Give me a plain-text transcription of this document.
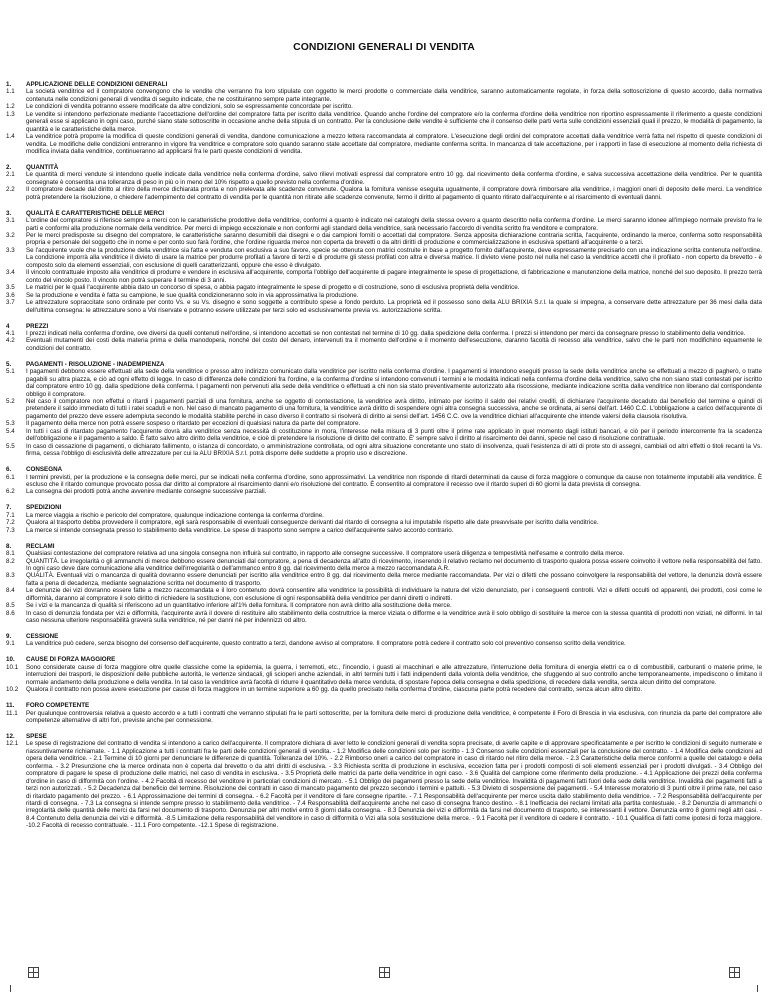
CONDIZIONI GENERALI DI VENDITA
1.	APPLICAZIONE DELLE CONDIZIONI GENERALI
1.1	La società venditrice ed il compratore convengono che le vendite che verranno fra loro stipulate con oggetto le merci prodotte o commerciate dalla venditrice, saranno automaticamente regolate, in forza della sottoscrizione di questo accordo, dalla normativa contenuta nelle condizioni generali di vendita di seguito indicate, che ne costituiranno sempre parte integrante.
1.2	Le condizioni di vendita potranno essere modificate da altre condizioni, solo se espressamente concordate per iscritto.
1.3	Le vendite si intendono perfezionate mediante l'accettazione dell'ordine del compratore fatta per iscritto dalla venditrice. Quando anche l'ordine del compratore e/o la conferma d'ordine della venditrice non riportino espressamente il riferimento a queste condizioni generali esse si applicano in ogni caso, purché siano state sottoscritte in occasione anche della stipula di un contratto. Per la conclusione delle vendite è sufficiente che il consenso delle parti verta sulle condizioni essenziali quali il prezzo, le modalità di pagamento, la quantità e le caratteristiche della merce.
1.4	La venditrice potrà proporre la modifica di queste condizioni generali di vendita, dandone comunicazione a mezzo lettera raccomandata al compratore. L'esecuzione degli ordini del compratore accettati dalla venditrice verrà fatta nel rispetto di queste condizioni di vendita. Le modifiche delle condizioni entreranno in vigore fra venditrice e compratore solo quando saranno state accettate dal compratore, mediante conferma scritta. In mancanza di tale accettazione, per i rapporti in fase di esecuzione al momento della richiesta di modifica inviata dalla venditrice, continueranno ad applicarsi fra le parti queste condizioni di vendita.
2.	QUANTITÀ
2.1	Le quantità di merci vendute si intendono quelle indicate dalla venditrice nella conferma d'ordine, salvo rilievi motivati espressi dal compratore entro 10 gg. dal ricevimento della conferma d'ordine, e salva successiva accettazione della venditrice. Per le quantità consegnate è consentita una tolleranza di peso in più o in meno del 10% rispetto a quello previsto nella conferma d'ordine.
2.2	Il compratore decade dal diritto al ritiro della merce dichiarata pronta e non prelevata alle scadenze convenute. Qualora la fornitura venisse eseguita ugualmente, il compratore dovrà rimborsare alla venditrice, i maggiori oneri di deposito delle merci. La venditrice potrà pretendere la risoluzione, o chiedere l'adempimento del contratto di vendita per le quantità non ritirate alle scadenze convenute, fermo il diritto al pagamento di quanto ritirato dall'acquirente e al risarcimento di eventuali danni.
3.	QUALITÀ E CARATTERISTICHE DELLE MERCI
3.1	L'ordine del compratore si riferisce sempre a merci con le caratteristiche prodottive della venditrice, conformi a quanto è indicato nei cataloghi della stessa ovvero a quanto descritto nella conferma d'ordine. Le merci saranno idonee all'impiego normale previsto fra le parti e conformi alla produzione normale della venditrice. Per merci di impiego eccezionale e non conformi agli standard della venditrice, sarà necessario l'accordo di vendita scritto fra venditore e compratore.
3.2	Per le merci predisposte su disegno del compratore, le caratteristiche saranno desumibili dai disegni e o dai campioni forniti o accettati dal compratore. Senza apposita dichiarazione contraria scritta, l'acquirente, ordinando la merce, conferma sotto responsabilità propria e personale del soggetto che in nome e per conto suo farà l'ordine, che l'ordine riguarda merce non coperta da brevetti o da altri diritti di produzione e commercializzazione in esclusiva spettanti all'acquirente o a terzi.
3.3	Se l'acquirente vuole che la produzione della venditrice sia fatta e venduta con esclusiva a suo favore, specie se ottenuta con matrici costruite in base a progetto fornito dall'acquirente, deve espressamente precisarlo con una indicazione scritta contenuta nell'ordine. La condizione imporrà alla venditrice il divieto di usare la matrice per produrre profilati a favore di terzi e di produrre gli stessi profilati con altra e diversa matrice. Il divieto viene posto nel nulla nel caso la venditrice accetti che il profilato - non coperto da brevetto - è composto solo da elementi essenziali, con esclusione di quelli caratterizzanti, oppure che esso è divulgato.
3.4	Il vincolo contrattuale imposto alla venditrice di produrre e vendere in esclusiva all'acquirente, comporta l'obbligo dell'acquirente di pagare integralmente le spese di progettazione, di fabbricazione e manutenzione della matrice, nonché del suo deposito. Il prezzo terrà conto del vincolo posto. Il vincolo non potrà superare il termine di 3 anni.
3.5	Le matrici per le quali l'acquirente abbia dato un concorso di spesa, o abbia pagato integralmente le spese di progetto e di costruzione, sono di esclusiva proprietà della venditrice.
3.6	Se la produzione e vendita è fatta su campione, le sue qualità condizioneranno solo in via approssimativa la produzione.
3.7	Le attrezzature sopraccitate sono ordinate per conto Vs. e su Vs. disegno e sono soggette a contributo spese a fondo perduto. La proprietà ed il possesso sono della ALU BRIXIA S.r.l. la quale si impegna, a conservare dette attrezzature per 36 mesi dalla data dell'ultima consegna: le attrezzature sono a Voi riservate e potranno essere utilizzate per terzi solo ed esclusivamente previa vs. autorizzazione scritta.
4	PREZZI
4.1	I prezzi indicati nella conferma d'ordine, ove diversi da quelli contenuti nell'ordine, si intendono accettati se non contestati nel termine di 10 gg. dalla spedizione della conferma. I prezzi si intendono per merci da consegnare presso lo stabilimento della venditrice.
4.2	Eventuali mutamenti dei costi della materia prima e della manodopera, nonché del costo del denaro, intervenuti tra il momento dell'ordine e il momento dell'esecuzione, daranno facoltà di recesso alla venditrice, salvo che le parti non modifichino equamente le condizioni del contratto.
5.	PAGAMENTI - RISOLUZIONE - INADEMPIENZA
5.1	I pagamenti debbono essere effettuati alla sede della venditrice o presso altro indirizzo comunicato dalla venditrice per iscritto nella conferma d'ordine. I pagamenti si intendono eseguiti presso la sede della venditrice anche se effettuati a mezzo di pagherò, o tratte pagabili su altra piazza, e ciò ad ogni effetto di legge. In caso di differenza delle condizioni fra l'ordine, e la conferma d'ordine si intendono convenuti i termini e le modalità indicati nella conferma d'ordine della venditrice, salvo che non siano stati contestati per iscritto dal compratore entro 10 gg. dalla spedizione della conferma. I pagamenti non pervenuti alla sede della venditrice o effettuati a chi non sia stato preventivamente autorizzato alla riscossione, mediante indicazione scritta dalla venditrice non liberano dal corrispondente obbligo il compratore.
5.2	Nel caso il compratore non effettui o ritardi i pagamenti parziali di una fornitura, anche se oggetto di contestazione, la venditrice avrà diritto, intimato per iscritto il saldo dei relativi crediti, di dichiarare l'acquirente decaduto dal beneficio del termine e quindi di pretendere il saldo immediato di tutti i ratei scaduti e non. Nel caso di mancato pagamento di una fornitura, la venditrice avrà diritto di sospendere ogni altra consegna successiva, anche se ordinata, ai sensi dell'art. 1460 C.C. L'obbligazione a carico dell'acquirente di pagamento del prezzo deve essere adempiuta secondo le modalità stabilite perché in caso diverso il contratto si risolverà di diritto ai sensi dell'art. 1456 C.C. ove la venditrice dichiari all'acquirente che intende valersi della clausola risolutiva.
5.3	Il pagamento della merce non potrà essere sospeso o ritardato per eccezioni di qualsiasi natura da parte del compratore.
5.4	In tutti i casi di ritardato pagamento l'acquirente dovrà alla venditrice senza necessità di costituzione in mora, l'interesse nella misura di 3 punti oltre il prime rate applicato in quel momento dagli istituti bancari, e ciò per il periodo intercorrente fra la scadenza dell'obbligazione e il pagamento a saldo. È fatto salvo altro diritto della venditrice, e cioè di pretendere la risoluzione di diritto del contratto. È' sempre salvo il diritto al risarcimento dei danni, specie nel caso di risoluzione contrattuale.
5.5	In caso di cessazione di pagamenti, o dichiarato fallimento, o istanza di concordato, o amministrazione controllata, od ogni altra situazione concretante uno stato di insolvenza, quali l'esistenza di atti di prote sto di assegni, cambiali od altri effetti o titoli recanti la Vs. firma, cessa l'obbligo di esclusività delle attrezzature per cui la ALU BRIXIA S.r.l. potrà disporre delle suddette a proprio uso e discrezione.
6.	CONSEGNA
6.1	I termini previsti, per la produzione e la consegna delle merci, pur se indicati nella conferma d'ordine, sono approssimativi. La venditrice non risponde di ritardi determinati da cause di forza maggiore o comunque da cause non totalmente imputabili alla venditrice. È escluso che il ritardo comunque provocato possa dar diritto al compratore al risarcimento danni e/o risoluzione del contratto. È consentito al compratore il recesso ove il ritardo superi di 60 giorni la data prevista di consegna.
6.2	La consegna dei prodotti potrà anche avvenire mediante consegne successive parziali.
7.	SPEDIZIONI
7.1	La merce viaggia a rischio e pericolo del compratore, qualunque indicazione contenga la conferma d'ordine.
7.2	Qualora al trasporto debba provvedere il compratore, egli sarà responsabile di eventuali conseguenze derivanti dal ritardo di consegna a lui imputabile rispetto alle date preavvisate per iscritto dalla venditrice.
7.3	La merce si intende consegnata presso lo stabilimento della venditrice. Le spese di trasporto sono sempre a carico dell'acquirente salvo accordo contrario.
8.	RECLAMI
8.1	Qualsiasi contestazione del compratore relativa ad una singola consegna non influirà sul contratto, in rapporto alle consegne successive. Il compratore userà diligenza e tempestività nell'esame e controllo della merce.
8.2	QUANTITÀ. Le irregolarità o gli ammanchi di merce debbono essere denunciati dal compratore, a pena di decadenza all'atto di ricevimento, inserendo il relativo reclamo nel documento di trasporto qualora possa essere coinvolto il vettore nella responsabilità del fatto. In ogni caso deve dare comunicazione alla venditrice dell'irregolarità o dell'ammanco entro 8 gg. dal ricevimento della merce a mezzo raccomandata A.R.
8.3	QUALITÀ. Eventuali vizi o mancanza di qualità dovranno essere denunciati per iscritto alla venditrice entro 8 gg. dal ricevimento della merce mediante raccomandata. Per vizi o difetti che possano coinvolgere la responsabilità del vettore, la denunzia dovrà essere fatta a pena di decadenza, mediante segnalazione scritta nel documento di trasporto.
8.4	Le denunzie dei vizi dovranno essere fatte a mezzo raccomandata e il loro contenuto dovrà consentire alla venditrice la possibilità di individuare la natura del vizio denunziato, per i conseguenti controlli. Vizi e difetti occulti od apparenti, dei prodotti, così come le difformità, daranno al compratore il solo diritto di richiedere la sostituzione, con esclusione di ogni responsabilità della venditrice per danni diretti o indiretti.
8.5	Se i vizi e la mancanza di qualità si riferiscono ad un quantitativo inferiore all'1% della fornitura. Il compratore non avrà diritto alla sostituzione della merce.
8.6	In caso di denunzia fondata per vizi e difformità, l'acquirente avrà il dovere di restituire allo stabilimento della costruttrice la merce viziata o difforme e la venditrice avrà il solo obbligo di sostituire la merce con la stessa quantità di prodotti non viziati, né difformi. In tal caso nessuna ulteriore responsabilità graverà sulla venditrice, né per danni né per indennizzi od altro.
9.	CESSIONE
9.1	La venditrice può cedere, senza bisogno del consenso dell'acquirente, questo contratto a terzi, dandone avviso al compratore. Il compratore potrà cedere il contratto solo col preventivo consenso scritto della venditrice.
10.	CAUSE DI FORZA MAGGIORE
10.1	Sono considerate cause di forza maggiore oltre quelle classiche come la epidemia, la guerra, i terremoti, etc., l'incendio, i guasti ai macchinari e alle attrezzature, l'interruzione della fornitura di energia elettri ca o di combustibili, carburanti o materie prime, le interruzioni dei trasporti, le disposizioni delle pubbliche autorità, le vertenze sindacali, gli scioperi anche aziendali, in altri termini tutti i fatti indipendenti dalla volontà della venditrice, che sfuggendo al suo controllo anche temporaneamente, impediscono o limitano il normale andamento della produzione e della vendita. In tal caso la venditrice avrà facoltà di ridurre il quantitativo della merce venduta, di spostare l'epoca della consegna e della spedizione, di recedere dalla vendita, senza alcun diritto del compratore.
10.2	Qualora il contratto non possa avere esecuzione per cause di forza maggiore in un termine superiore a 60 gg. da quello precisato nella conferma d'ordine, ciascuna parte potrà recedere dal contratto, senza alcun altro diritto.
11.	FORO COMPETENTE
11.1	Per qualunque controversia relativa a questo accordo e a tutti i contratti che verranno stipulati fra le parti sottoscritte, per la fornitura delle merci di produzione della venditrice, è competente il Foro di Brescia in via esclusiva, con rinunzia da parte del compratore alle competenze alternative di altri fori, previste anche per connessione.
12.	SPESE
12.1	Le spese di registrazione del contratto di vendita si intendono a carico dell'acquirente. Il compratore dichiara di aver letto le condizioni generali di vendita sopra precisate, di averle capite e di approvare specificatamente e per iscritto le condizioni di seguito numerate e riassuntivamente richiamate. - 1.1 Applicazione a tutti i contratti fra le parti delle condizioni generali di vendita. - 1.2 Modifica delle condizioni solo per iscritto - 1.3 Consenso sulle condizioni essenziali per la conclusione del contratto. - 1.4 Modifica delle condizioni ad opera della venditrice. - 2.1 Termine di 10 giorni per denunciare le differenze di quantità. Tolleranza del 10%. - 2.2 Rimborso oneri a carico del compratore in caso di ritardo nel ritiro della merce. - 2.3 Caratteristiche della merce conformi a quelle del catalogo e della conferma. - 3.2 Presunzione che la merce ordinata non è coperta dal brevetto o da altri diritti di esclusiva. - 3.3 Richiesta scritta di produzione in esclusiva, eccezion fatta per i prodotti composti di soli elementi essenziali per i prodotti divulgati. - 3.4 Obbligo del compratore di pagare le spese di produzione delle matrici, nel caso di vendita in esclusiva. - 3.5 Proprietà delle matrici da parte della venditrice in ogni caso. - 3.6 Qualità del campione come riferimento della produzione. - 4.1 Applicazione dei prezzi della conferma d'ordine in caso di difformità con l'ordine. - 4.2 Facoltà di recesso del venditore in particolari condizioni di mercato. - 5.1 Obbligo dei pagamenti presso la sede della venditrice. Invalidità di pagamenti fatti fuori della sede della venditrice. Invalidità dei pagamenti fatti a terzi non autorizzati. - 5.2 Decadenza dal beneficio del termine. Risoluzione dei contratti in caso di mancato pagamento del prezzo secondo i termini e pattuiti. - 5.3 Divieto di sospensione dei pagamenti. - 5.4 Interesse moratorio di 3 punti oltre il prime rate, nel caso di ritardato pagamento del prezzo. - 6.1 Approssimazione dei termini di consegna. - 6.2 Facoltà per il venditore di fare consegne ripartite. - 7.1 Responsabilità dell'acquirente per merce uscita dallo stabilimento della venditrice. - 7.2 Responsabilità dell'acquirente per ritardi di consegna. - 7.3 La consegna si intende sempre presso lo stabilimento della venditrice. - 7.4 Responsabilità dell'acquirente anche nel caso di consegna franco destino. - 8.1 Inefficacia dei reclami limitati alla partita contestuale. - 8.2 Denunzia di ammanchi o irregolarità delle quantità delle merci da farsi nel documento di trasporto. Denunzia per altri motivi entro 8 giorni dalla consegna. - 8.3 Denunzia dei vizi e difformità da farsi nel documento di trasporto, se interessanti il vettore. Denunzia entro 8 giorni negli altri casi. - 8.4 Contenuto della denunzia dei vizi e difformità. -8.5 Limitazione della responsabilità del venditore in caso di difformità o Vizi alla sola sostituzione della merce. - 9.1 Facoltà per il venditore di cedere il contratto. - 10.1 Qualifica di fatti come ipotesi di forza maggiore. -10.2 Facoltà di recesso contrattuale. - 11.1 Foro competente. -12.1 Spese di registrazione.
